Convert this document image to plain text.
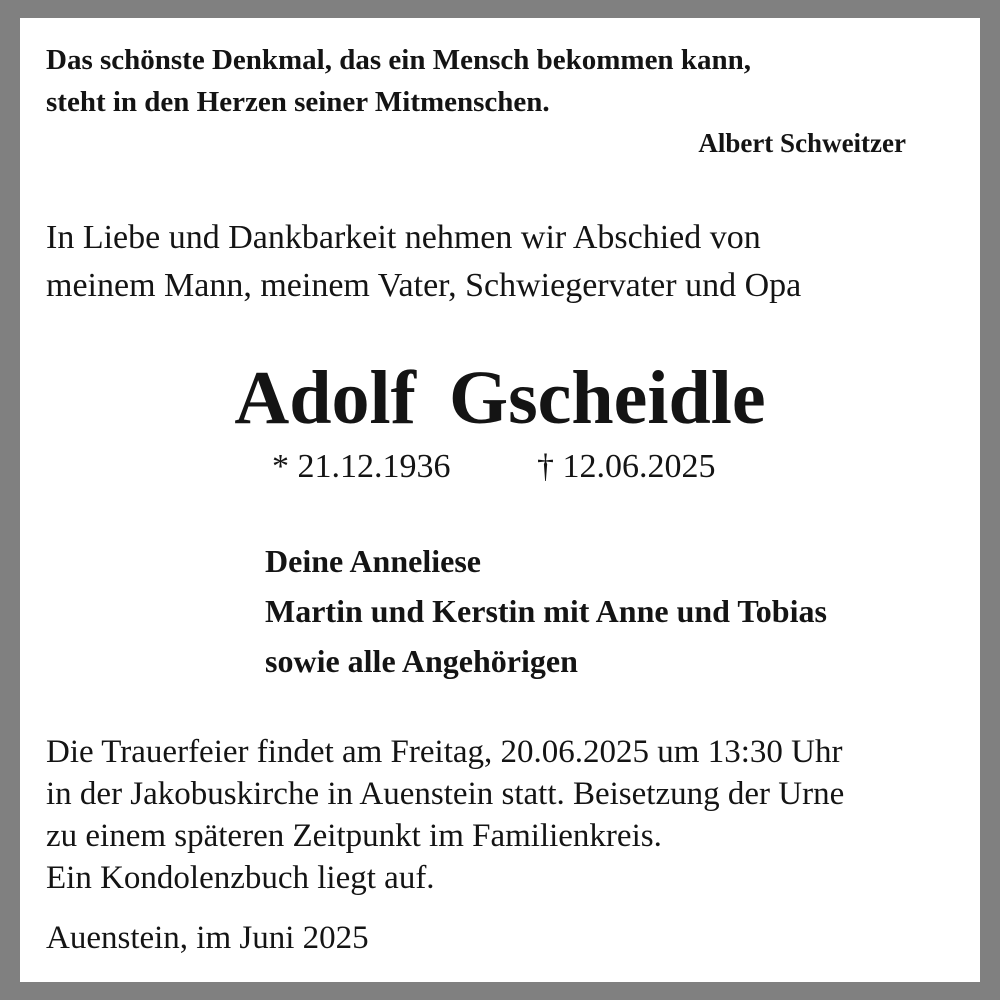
Das schönste Denkmal, das ein Mensch bekommen kann,
steht in den Herzen seiner Mitmenschen.
Albert Schweitzer
In Liebe und Dankbarkeit nehmen wir Abschied von
meinem Mann, meinem Vater, Schwiegervater und Opa
Adolf Gscheidle
* 21.12.1936	† 12.06.2025
Deine Anneliese
Martin und Kerstin mit Anne und Tobias
sowie alle Angehörigen
Die Trauerfeier findet am Freitag, 20.06.2025 um 13:30 Uhr
in der Jakobuskirche in Auenstein statt. Beisetzung der Urne
zu einem späteren Zeitpunkt im Familienkreis.
Ein Kondolenzbuch liegt auf.
Auenstein, im Juni 2025
